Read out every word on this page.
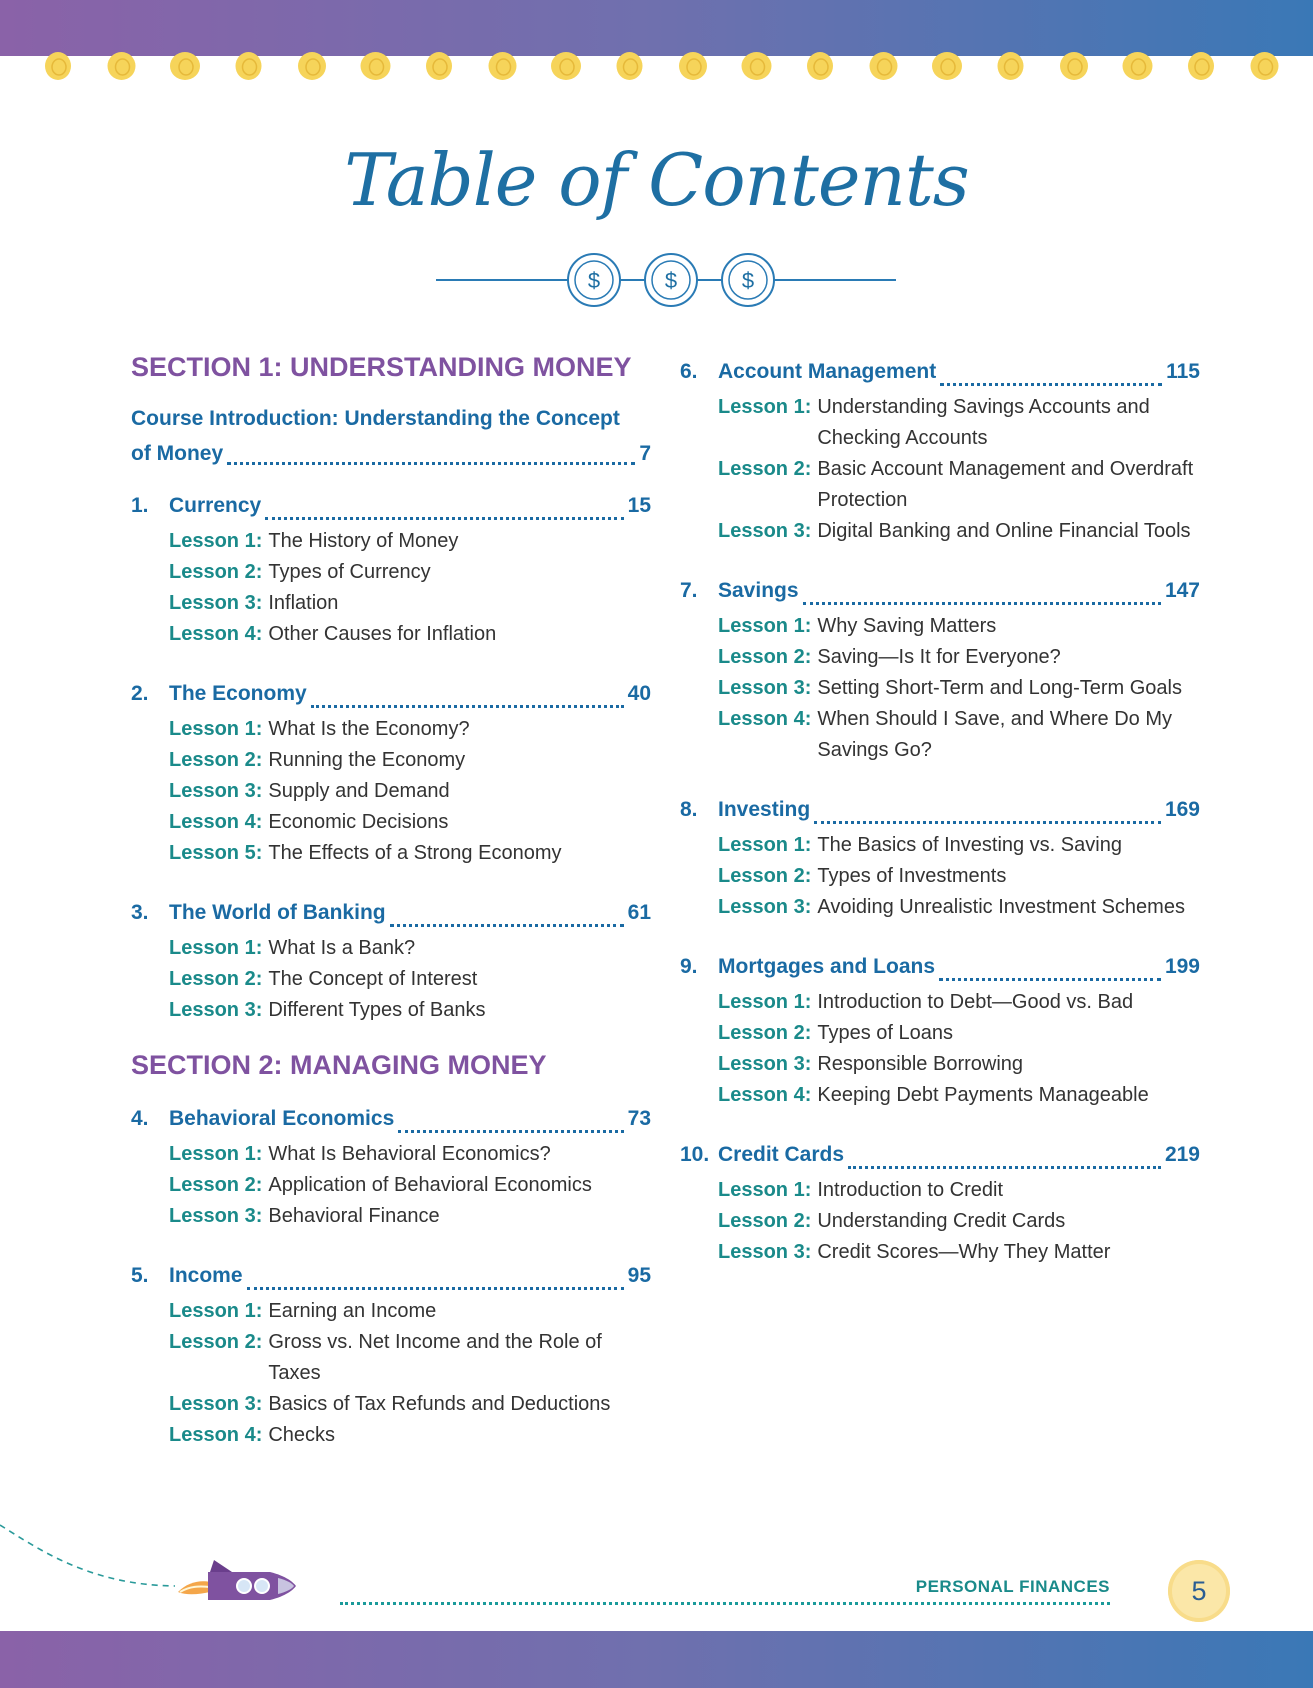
Table of Contents
$	$	$
SECTION 1: UNDERSTANDING MONEY
Course Introduction: Understanding the Concept
of Money	7
1. Currency	15
Lesson 1: The History of Money
Lesson 2: Types of Currency
Lesson 3: Inflation
Lesson 4: Other Causes for Inflation
2. The Economy	40
Lesson 1: What Is the Economy?
Lesson 2: Running the Economy
Lesson 3: Supply and Demand
Lesson 4: Economic Decisions
Lesson 5: The Effects of a Strong Economy
3. The World of Banking	61
Lesson 1: What Is a Bank?
Lesson 2: The Concept of Interest
Lesson 3: Different Types of Banks
SECTION 2: MANAGING MONEY
4. Behavioral Economics	73
Lesson 1: What Is Behavioral Economics?
Lesson 2: Application of Behavioral Economics
Lesson 3: Behavioral Finance
5. Income	95
Lesson 1: Earning an Income
Lesson 2: Gross vs. Net Income and the Role of Taxes
Lesson 3: Basics of Tax Refunds and Deductions
Lesson 4: Checks
6. Account Management	115
Lesson 1: Understanding Savings Accounts and Checking Accounts
Lesson 2: Basic Account Management and Overdraft Protection
Lesson 3: Digital Banking and Online Financial Tools
7. Savings	147
Lesson 1: Why Saving Matters
Lesson 2: Saving—Is It for Everyone?
Lesson 3: Setting Short-Term and Long-Term Goals
Lesson 4: When Should I Save, and Where Do My Savings Go?
8. Investing	169
Lesson 1: The Basics of Investing vs. Saving
Lesson 2: Types of Investments
Lesson 3: Avoiding Unrealistic Investment Schemes
9. Mortgages and Loans	199
Lesson 1: Introduction to Debt—Good vs. Bad
Lesson 2: Types of Loans
Lesson 3: Responsible Borrowing
Lesson 4: Keeping Debt Payments Manageable
10. Credit Cards	219
Lesson 1: Introduction to Credit
Lesson 2: Understanding Credit Cards
Lesson 3: Credit Scores—Why They Matter
PERSONAL FINANCES	5
